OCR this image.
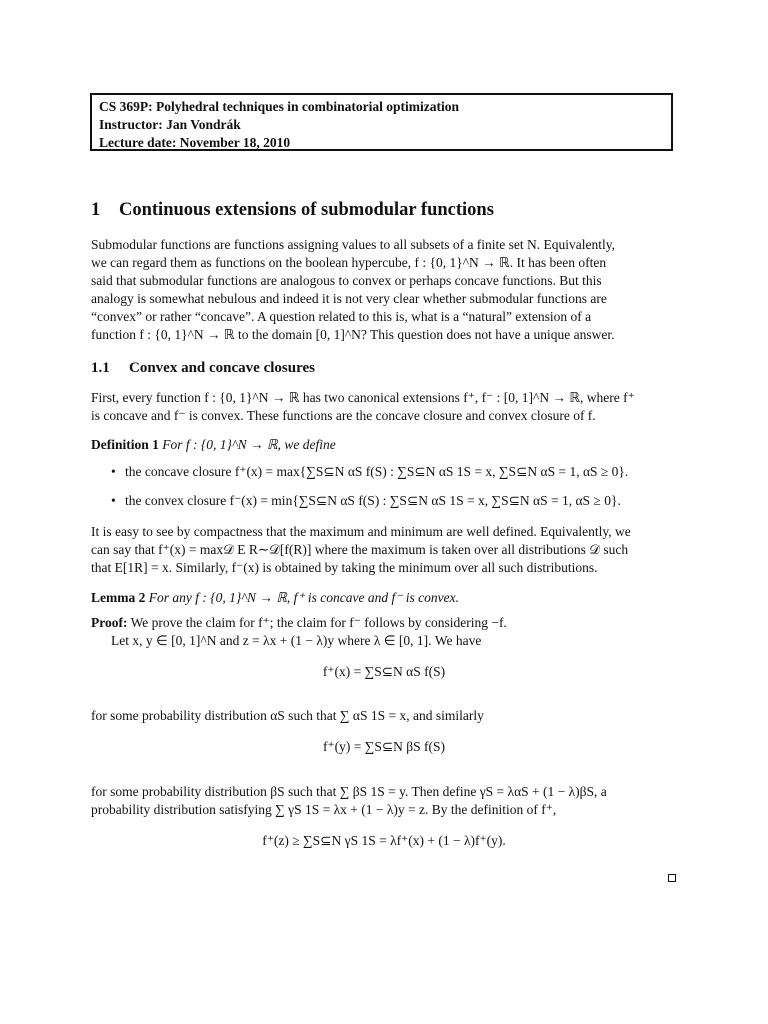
CS 369P: Polyhedral techniques in combinatorial optimization
Instructor: Jan Vondrák
Lecture date: November 18, 2010
1 Continuous extensions of submodular functions
Submodular functions are functions assigning values to all subsets of a finite set N. Equivalently,
we can regard them as functions on the boolean hypercube, f : {0, 1}^N → ℝ. It has been often
said that submodular functions are analogous to convex or perhaps concave functions. But this
analogy is somewhat nebulous and indeed it is not very clear whether submodular functions are
“convex” or rather “concave”. A question related to this is, what is a “natural” extension of a
function f : {0, 1}^N → ℝ to the domain [0, 1]^N? This question does not have a unique answer.
1.1 Convex and concave closures
First, every function f : {0, 1}^N → ℝ has two canonical extensions f⁺, f⁻ : [0, 1]^N → ℝ, where f⁺
is concave and f⁻ is convex. These functions are the concave closure and convex closure of f.
Definition 1 For f : {0, 1}^N → ℝ, we define
• the concave closure f⁺(x) = max{∑S⊆N αS f(S) : ∑S⊆N αS 1S = x, ∑S⊆N αS = 1, αS ≥ 0}.
• the convex closure f⁻(x) = min{∑S⊆N αS f(S) : ∑S⊆N αS 1S = x, ∑S⊆N αS = 1, αS ≥ 0}.
It is easy to see by compactness that the maximum and minimum are well defined. Equivalently, we
can say that f⁺(x) = max𝒟 E R∼𝒟[f(R)] where the maximum is taken over all distributions 𝒟 such
that E[1R] = x. Similarly, f⁻(x) is obtained by taking the minimum over all such distributions.
Lemma 2 For any f : {0, 1}^N → ℝ, f⁺ is concave and f⁻ is convex.
Proof: We prove the claim for f⁺; the claim for f⁻ follows by considering −f.
Let x, y ∈ [0, 1]^N and z = λx + (1 − λ)y where λ ∈ [0, 1]. We have
f⁺(x) = ∑S⊆N αS f(S)
for some probability distribution αS such that ∑ αS 1S = x, and similarly
f⁺(y) = ∑S⊆N βS f(S)
for some probability distribution βS such that ∑ βS 1S = y. Then define γS = λαS + (1 − λ)βS, a
probability distribution satisfying ∑ γS 1S = λx + (1 − λ)y = z. By the definition of f⁺,
f⁺(z) ≥ ∑S⊆N γS 1S = λf⁺(x) + (1 − λ)f⁺(y).
